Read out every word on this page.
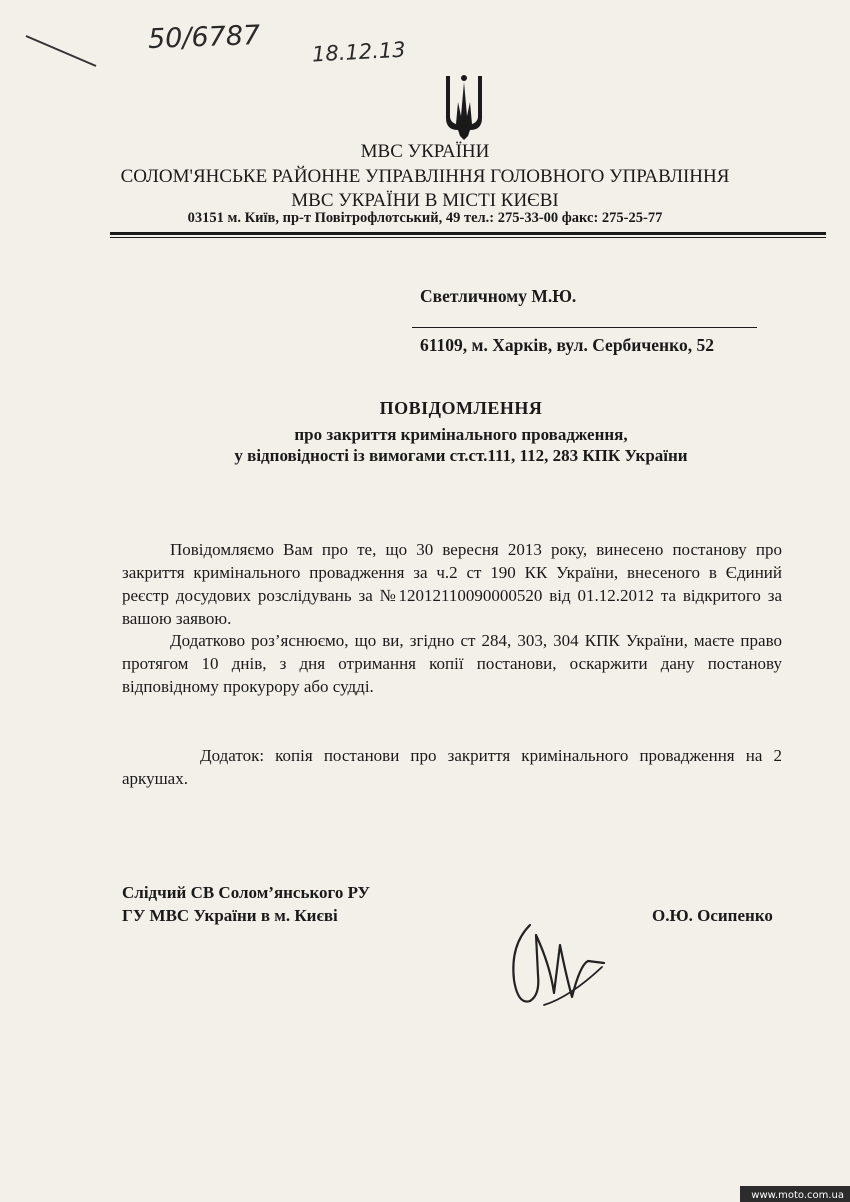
50/6787 18.12.13
МВС УКРАЇНИ
СОЛОМ'ЯНСЬКЕ РАЙОННЕ УПРАВЛІННЯ ГОЛОВНОГО УПРАВЛІННЯ
МВС УКРАЇНИ В МІСТІ КИЄВІ
03151 м. Київ, пр-т Повітрофлотський, 49 тел.: 275-33-00 факс: 275-25-77
Светличному М.Ю.
61109, м. Харків, вул. Сербиченко, 52
ПОВІДОМЛЕННЯ
про закриття кримінального провадження,
у відповідності із вимогами ст.ст.111, 112, 283 КПК України
Повідомляємо Вам про те, що 30 вересня 2013 року, винесено постанову про закриття кримінального провадження за ч.2 ст 190 КК України, внесеного в Єдиний реєстр досудових розслідувань за №12012110090000520 від 01.12.2012 та відкритого за вашою заявою.
Додатково роз’яснюємо, що ви, згідно ст 284, 303, 304 КПК України, маєте право протягом 10 днів, з дня отримання копії постанови, оскаржити дану постанову відповідному прокурору або судді.
Додаток: копія постанови про закриття кримінального провадження на 2 аркушах.
Слідчий СВ Солом’янського РУ
ГУ МВС України в м. Києві	О.Ю. Осипенко
www.moto.com.ua
